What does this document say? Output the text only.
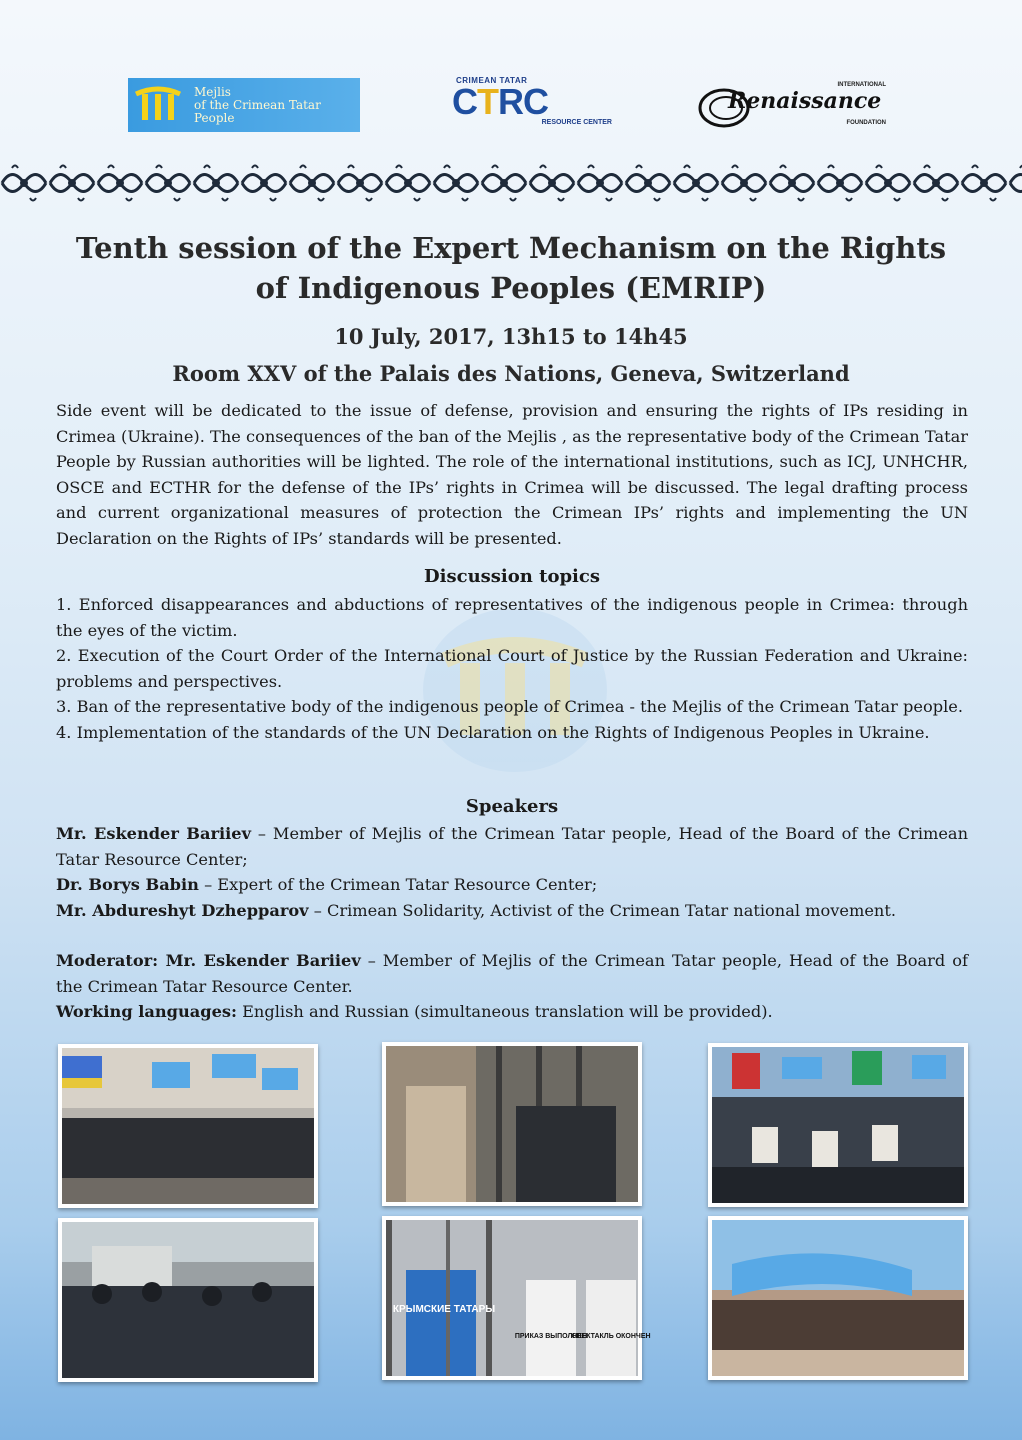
Mejlis
of the Crimean Tatar
People
CRIMEAN TATAR
CTRC
RESOURCE CENTER
INTERNATIONAL
Renaissance
FOUNDATION
Tenth session of the Expert Mechanism on the Rights
of Indigenous Peoples (EMRIP)

10 July, 2017, 13h15 to 14h45

Room XXV of the Palais des Nations, Geneva, Switzerland

Side event will be dedicated to the issue of defense, provision and ensuring the rights of IPs residing in Crimea (Ukraine). The consequences of the ban of the Mejlis , as the representative body of the Crimean Tatar People by Russian authorities will be lighted. The role of the international institutions, such as ICJ, UNHCHR, OSCE and ECTHR for the defense of the IPs’ rights in Crimea will be discussed. The legal drafting process and current organizational measures of protection the Crimean IPs’ rights and implementing the UN Declaration on the Rights of IPs’ standards will be presented.

Discussion topics

1. Enforced disappearances and abductions of representatives of the indigenous people in Crimea: through the eyes of the victim.

2. Execution of the Court Order of the International Court of Justice by the Russian Federation and Ukraine: problems and perspectives.

3. Ban of the representative body of the indigenous people of Crimea - the Mejlis of the Crimean Tatar people.

4. Implementation of the standards of the UN Declaration on the Rights of Indigenous Peoples in Ukraine.

Speakers

Mr. Eskender Bariiev – Member of Mejlis of the Crimean Tatar people, Head of the Board of the Crimean Tatar Resource Center;

Dr. Borys Babin – Expert of the Crimean Tatar Resource Center;

Mr. Abdureshyt Dzhepparov – Crimean Solidarity, Activist of the Crimean Tatar national movement.

Moderator: Mr. Eskender Bariiev – Member of Mejlis of the Crimean Tatar people, Head of the Board of the Crimean Tatar Resource Center.

Working languages: English and Russian (simultaneous translation will be provided).

КРЫМСКИЕ ТАТАРЫ
ПРИКАЗ ВЫПОЛНЕН
СПЕКТАКЛЬ ОКОНЧЕН
